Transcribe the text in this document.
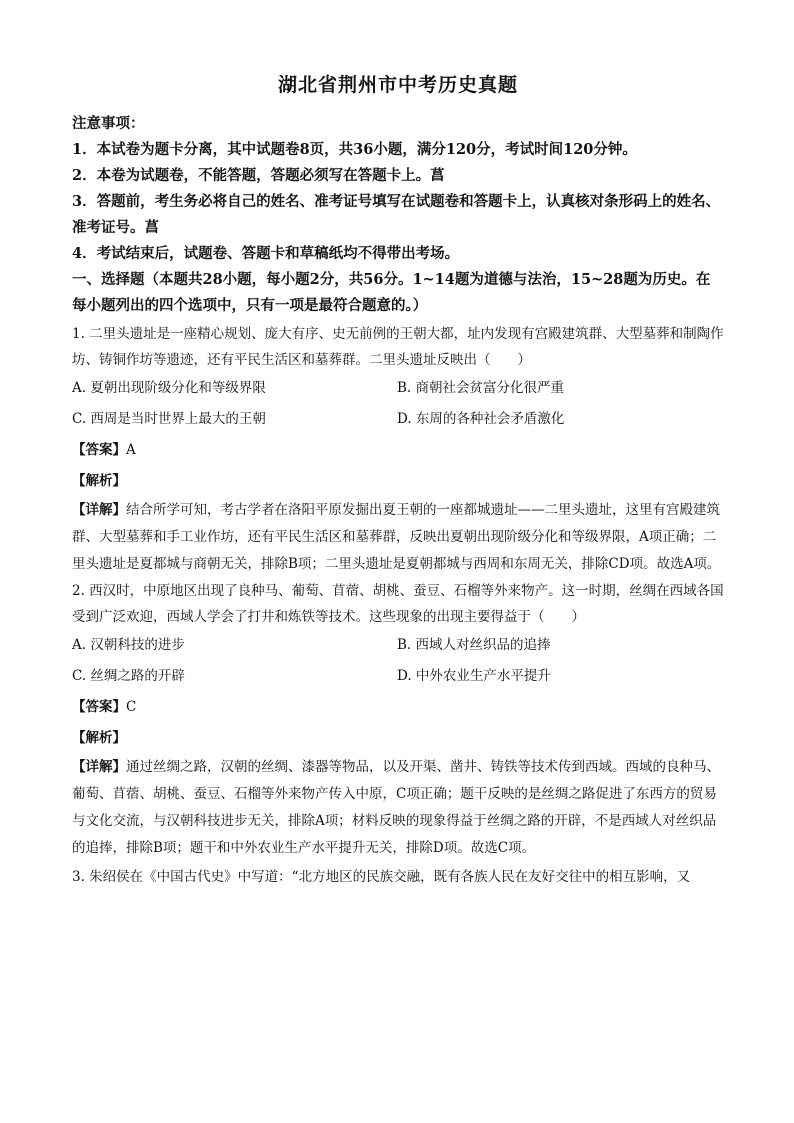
湖北省荆州市中考历史真题

注意事项：

1．本试卷为题卡分离，其中试题卷8页，共36小题，满分120分，考试时间120分钟。

2．本卷为试题卷，不能答题，答题必须写在答题卡上。菖

3．答题前，考生务必将自己的姓名、准考证号填写在试题卷和答题卡上，认真核对条形码上的姓名、准考证号。菖

4．考试结束后，试题卷、答题卡和草稿纸均不得带出考场。

一、选择题（本题共28小题，每小题2分，共56分。1~14题为道德与法治，15~28题为历史。在每小题列出的四个选项中，只有一项是最符合题意的。）

1. 二里头遗址是一座精心规划、庞大有序、史无前例的王朝大都，址内发现有宫殿建筑群、大型墓葬和制陶作坊、铸铜作坊等遗迹，还有平民生活区和墓葬群。二里头遗址反映出（　　）

A. 夏朝出现阶级分化和等级界限	B. 商朝社会贫富分化很严重
C. 西周是当时世界上最大的王朝	D. 东周的各种社会矛盾激化

【答案】A

【解析】

【详解】结合所学可知，考古学者在洛阳平原发掘出夏王朝的一座都城遗址——二里头遗址，这里有宫殿建筑群、大型墓葬和手工业作坊，还有平民生活区和墓葬群，反映出夏朝出现阶级分化和等级界限，A项正确；二里头遗址是夏都城与商朝无关，排除B项；二里头遗址是夏朝都城与西周和东周无关，排除CD项。故选A项。

2. 西汉时，中原地区出现了良种马、葡萄、苜蓿、胡桃、蚕豆、石榴等外来物产。这一时期，丝绸在西域各国受到广泛欢迎，西域人学会了打井和炼铁等技术。这些现象的出现主要得益于（　　）

A. 汉朝科技的进步	B. 西域人对丝织品的追捧
C. 丝绸之路的开辟	D. 中外农业生产水平提升

【答案】C

【解析】

【详解】通过丝绸之路，汉朝的丝绸、漆器等物品，以及开渠、凿井、铸铁等技术传到西域。西域的良种马、葡萄、苜蓿、胡桃、蚕豆、石榴等外来物产传入中原，C项正确；题干反映的是丝绸之路促进了东西方的贸易与文化交流，与汉朝科技进步无关，排除A项；材料反映的现象得益于丝绸之路的开辟，不是西域人对丝织品的追捧，排除B项；题干和中外农业生产水平提升无关，排除D项。故选C项。

3. 朱绍侯在《中国古代史》中写道：“北方地区的民族交融，既有各族人民在友好交往中的相互影响，又
